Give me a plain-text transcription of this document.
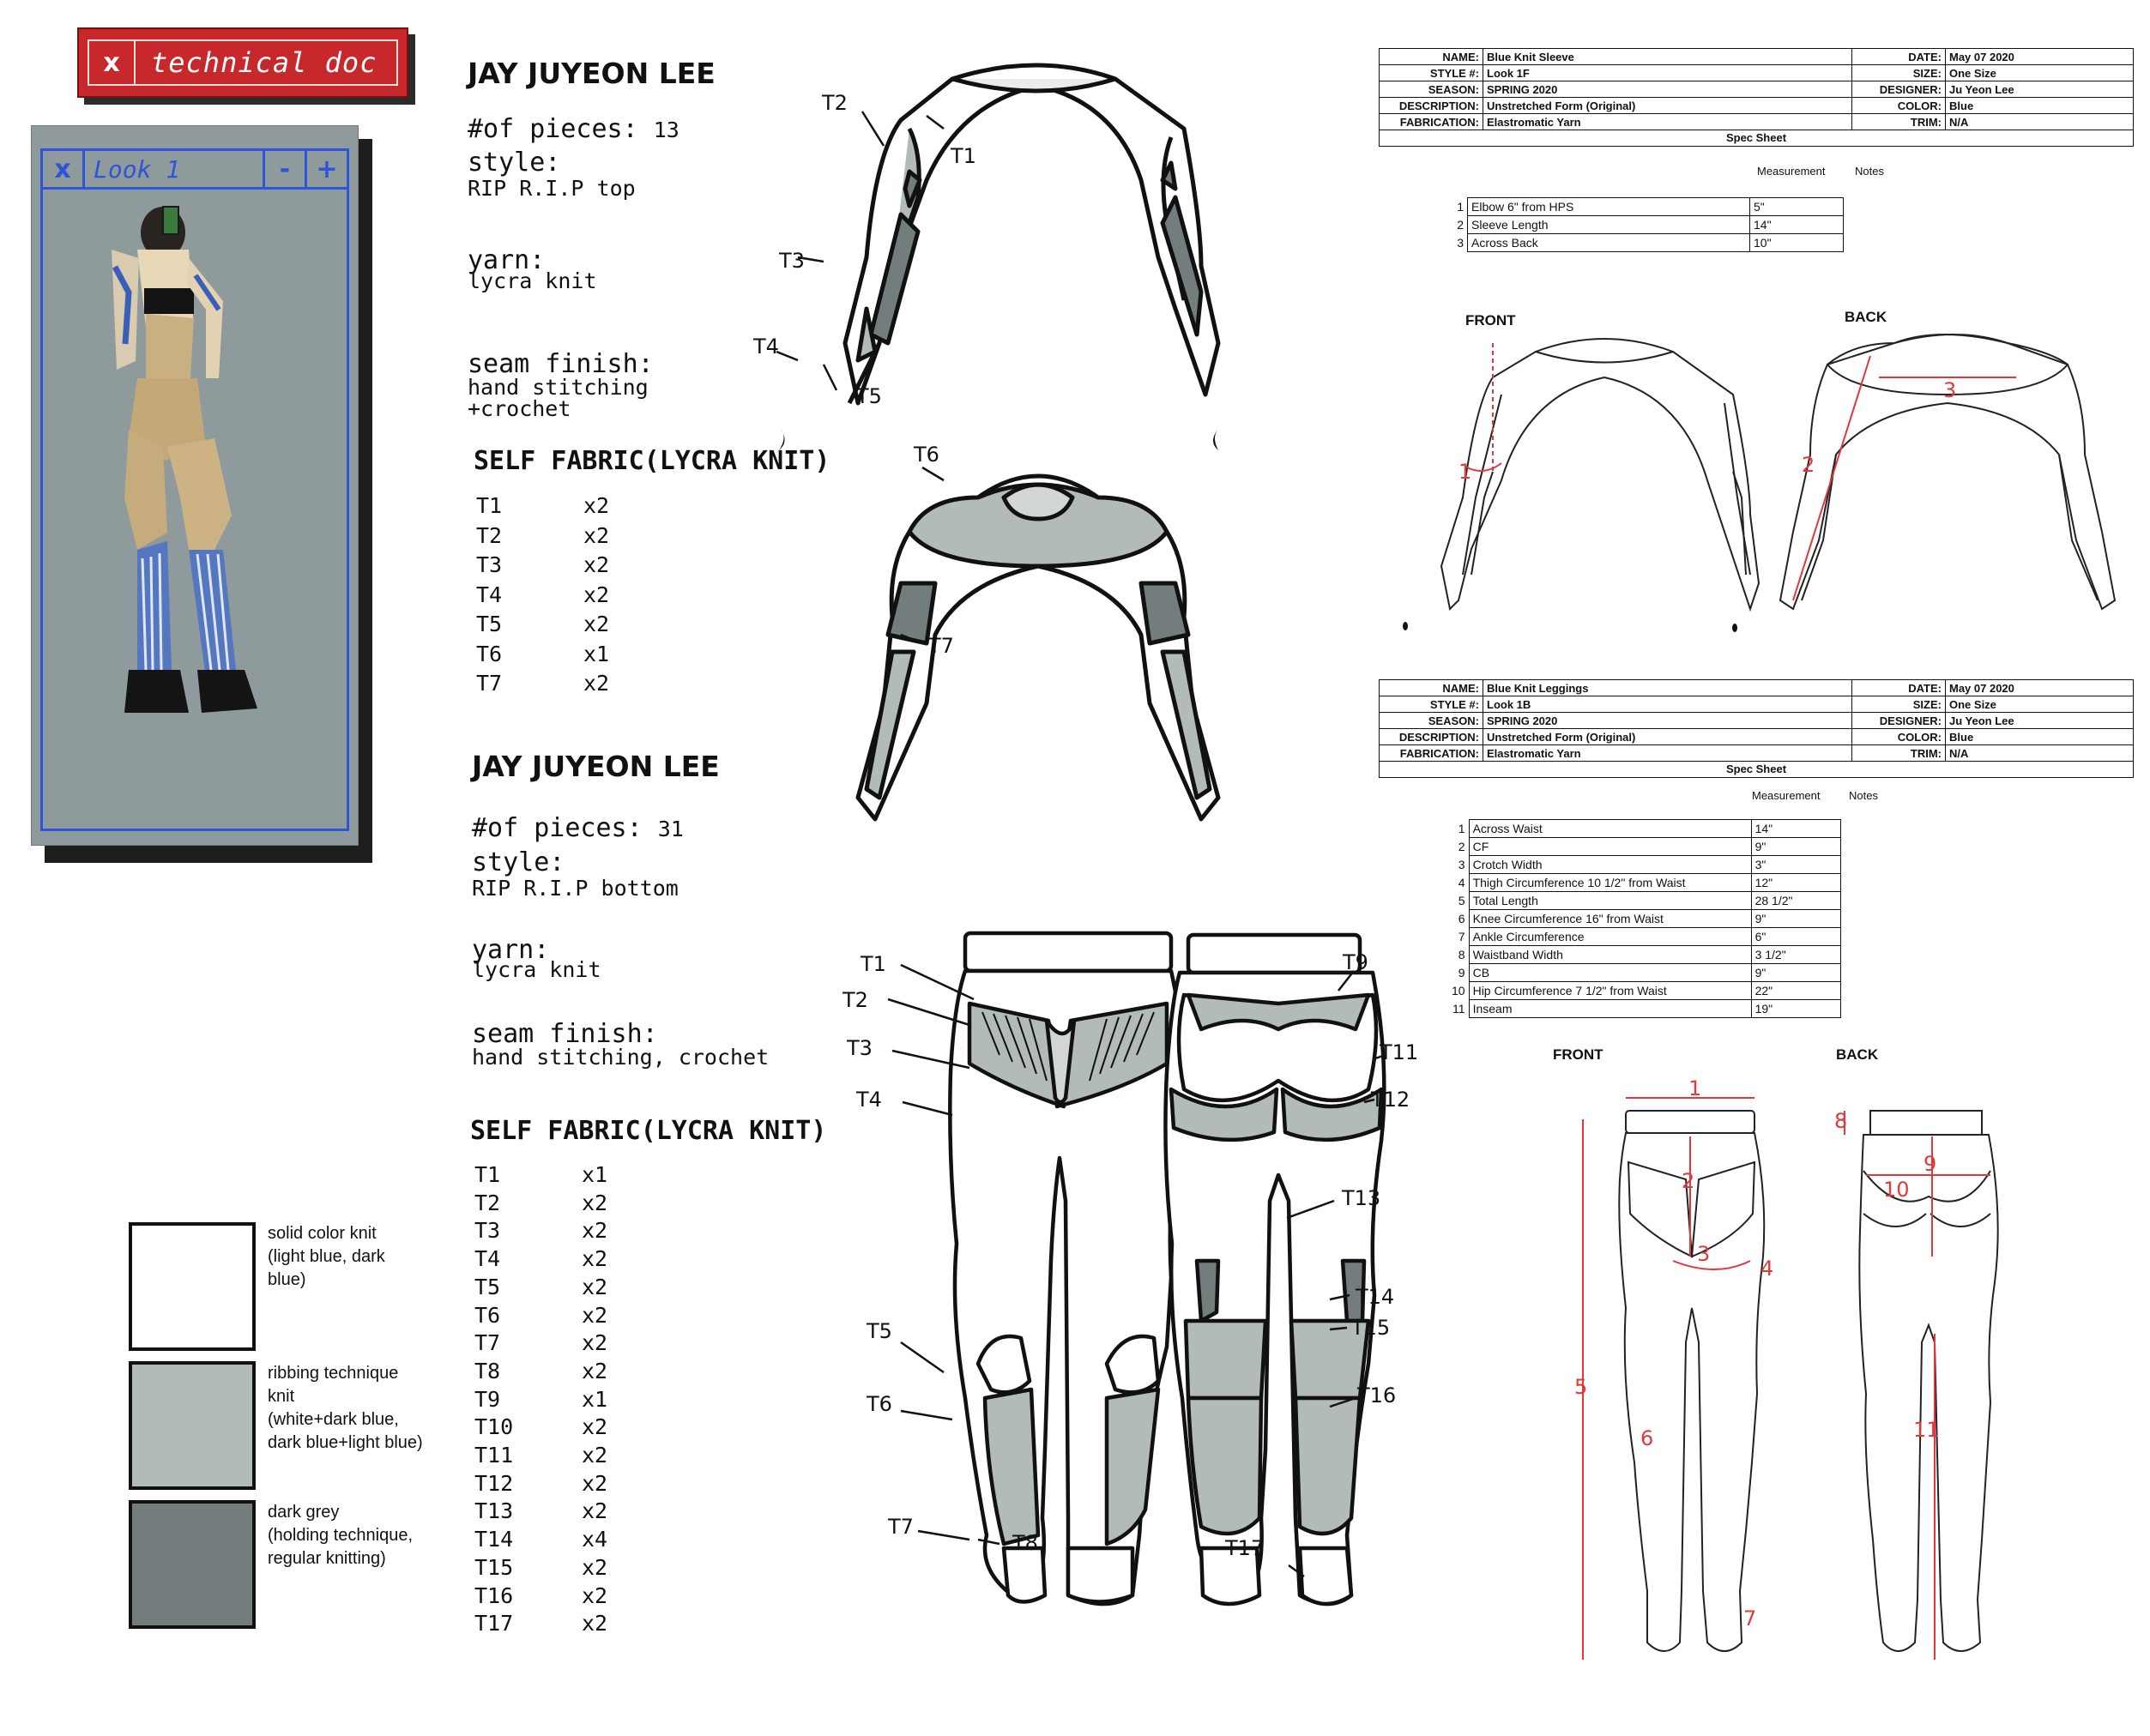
x	technical doc
x Look 1	-	+
JAY JUYEON LEE
#of pieces: 13
style:
RIP R.I.P top
yarn:
lycra knit
seam finish:
hand stitching
+crochet
SELF FABRIC(LYCRA KNIT)
T1	x2
T2	x2
T3	x2
T4	x2
T5	x2
T6	x1
T7	x2
JAY JUYEON LEE
#of pieces: 31
style:
RIP R.I.P bottom
yarn:
lycra knit
seam finish:
hand stitching, crochet
SELF FABRIC(LYCRA KNIT)
T1	x1
T2	x2
T3	x2
T4	x2
T5	x2
T6	x2
T7	x2
T8	x2
T9	x1
T10	x2
T11	x2
T12	x2
T13	x2
T14	x4
T15	x2
T16	x2
T17	x2
solid color knit
(light blue, dark
blue)
ribbing technique
knit
(white+dark blue,
dark blue+light blue)
dark grey
(holding technique,
regular knitting)
T2
T1
T3
T4
T5
T6
T7
T1
T2
T3
T4
T5
T6
T7
T8
T9
T11
T12
T13
T14
T15
T16
T17
NAME:	Blue Knit Sleeve	DATE:	May 07 2020
STYLE #:	Look 1F	SIZE:	One Size
SEASON:	SPRING 2020	DESIGNER:	Ju Yeon Lee
DESCRIPTION:	Unstretched Form (Original)	COLOR:	Blue
FABRICATION:	Elastromatic Yarn	TRIM:	N/A
Spec Sheet
Measurement	Notes
1	Elbow 6" from HPS	5"
2	Sleeve Length	14"
3	Across Back	10"
FRONT	BACK
1	2
3
NAME:	Blue Knit Leggings	DATE:	May 07 2020
STYLE #:	Look 1B	SIZE:	One Size
SEASON:	SPRING 2020	DESIGNER:	Ju Yeon Lee
DESCRIPTION:	Unstretched Form (Original)	COLOR:	Blue
FABRICATION:	Elastromatic Yarn	TRIM:	N/A
Spec Sheet
Measurement	Notes
1	Across Waist	14"
2	CF	9"
3	Crotch Width	3"
4	Thigh Circumference 10 1/2" from Waist	12"
5	Total Length	28 1/2"
6	Knee Circumference 16" from Waist	9"
7	Ankle Circumference	6"
8	Waistband Width	3 1/2"
9	CB	9"
10	Hip Circumference 7 1/2" from Waist	22"
11	Inseam	19"
FRONT	BACK
1
2
3
4
5
6
7
8
9
10
11
